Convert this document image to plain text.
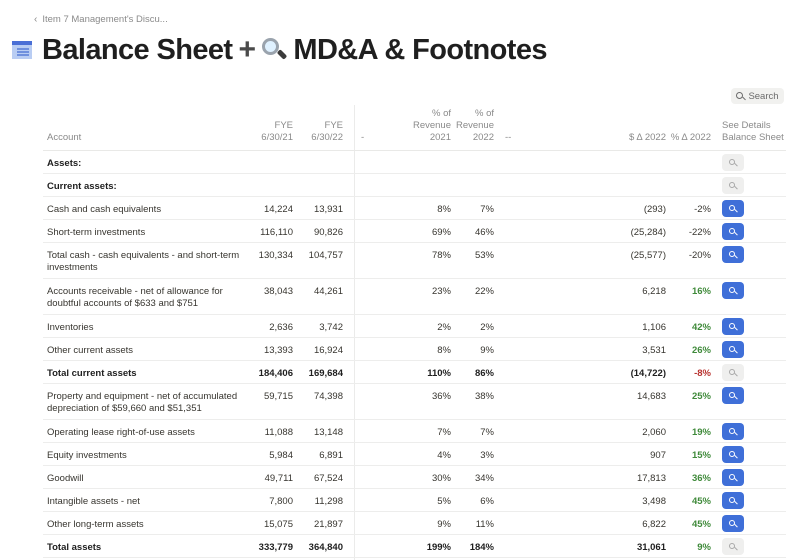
‹ Item 7 Management's Discu...
Balance Sheet + MD&A & Footnotes
Search
Account
FYE
6/30/21
FYE
6/30/22 -
% of
Revenue
2021
% of
Revenue
2022 --	$ Δ 2022 % Δ 2022
See Details
Balance Sheet
Assets:
Current assets:
Cash and cash equivalents	14,224 13,931	8%	7%	(293)	-2%
Short-term investments	116,110 90,826	69%	46%	(25,284) -22%
Total cash - cash equivalents - and short-term investments
130,334 104,757	78%	53%	(25,577) -20%
Accounts receivable - net of allowance for doubtful accounts of $633 and $751
38,043 44,261	23%	22%	6,218	16%
Inventories	2,636	3,742	2%	2%	1,106	42%
Other current assets	13,393 16,924	8%	9%	3,531	26%
Total current assets	184,406 169,684	110%	86%	(14,722)	-8%
Property and equipment - net of accumulated depreciation of $59,660 and $51,351
59,715 74,398	36%	38%	14,683	25%
Operating lease right-of-use assets	11,088 13,148	7%	7%	2,060	19%
Equity investments	5,984	6,891	4%	3%	907	15%
Goodwill	49,711 67,524	30%	34%	17,813	36%
Intangible assets - net	7,800 11,298	5%	6%	3,498	45%
Other long-term assets	15,075 21,897	9%	11%	6,822	45%
Total assets	333,779 364,840	199% 184%	31,061	9%
